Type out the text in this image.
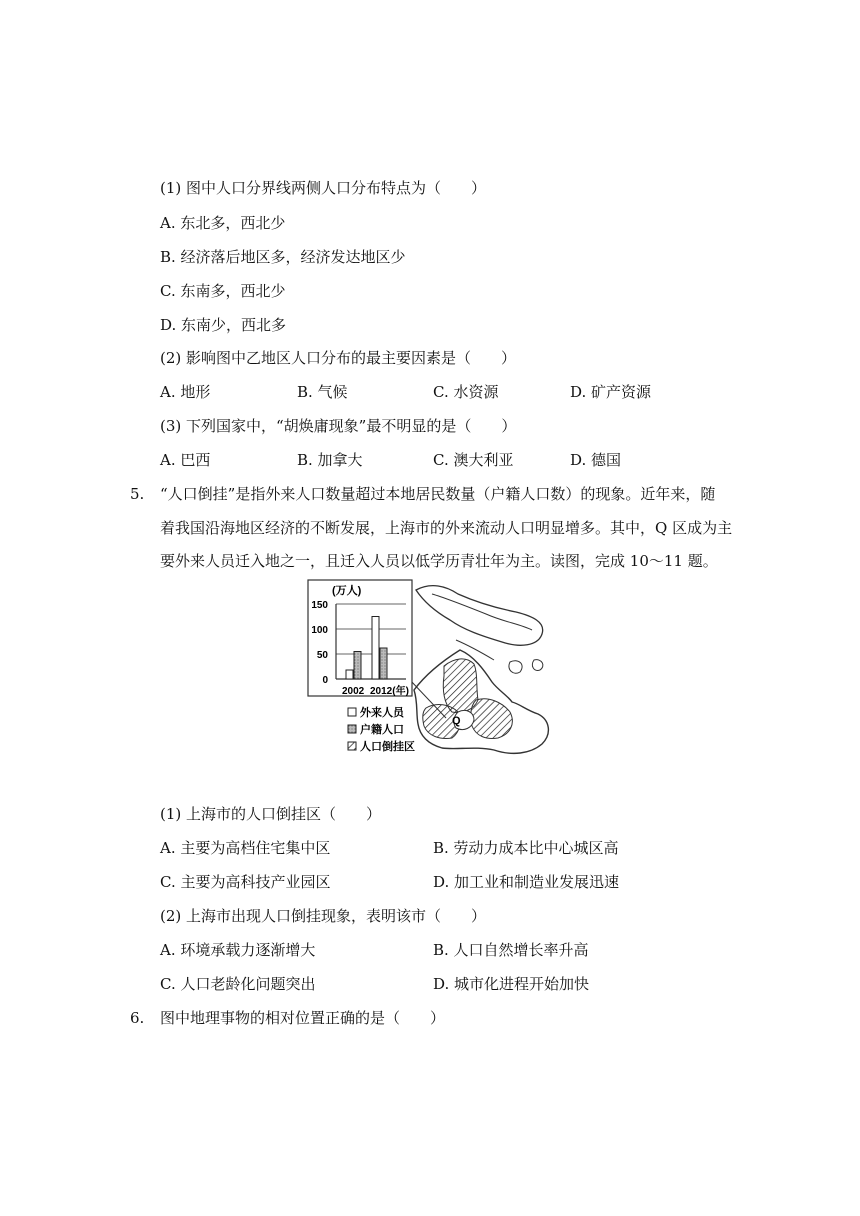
(1) 图中人口分界线两侧人口分布特点为（　　）
A. 东北多，西北少
B. 经济落后地区多，经济发达地区少
C. 东南多，西北少
D. 东南少，西北多
(2) 影响图中乙地区人口分布的最主要因素是（　　）
A. 地形	B. 气候	C. 水资源	D. 矿产资源
(3) 下列国家中，“胡焕庸现象”最不明显的是（　　）
A. 巴西	B. 加拿大	C. 澳大利亚	D. 德国
5. “人口倒挂”是指外来人口数量超过本地居民数量（户籍人口数）的现象。近年来，随
着我国沿海地区经济的不断发展，上海市的外来流动人口明显增多。其中，Q 区成为主
要外来人员迁入地之一，且迁入人员以低学历青壮年为主。读图，完成 10～11 题。
Q
(万人)
150
100
50
0
2002 2012(年)
外来人员
户籍人口
人口倒挂区
(1) 上海市的人口倒挂区（　　）
A. 主要为高档住宅集中区	B. 劳动力成本比中心城区高
C. 主要为高科技产业园区	D. 加工业和制造业发展迅速
(2) 上海市出现人口倒挂现象，表明该市（　　）
A. 环境承载力逐渐增大	B. 人口自然增长率升高
C. 人口老龄化问题突出	D. 城市化进程开始加快
6. 图中地理事物的相对位置正确的是（　　）
